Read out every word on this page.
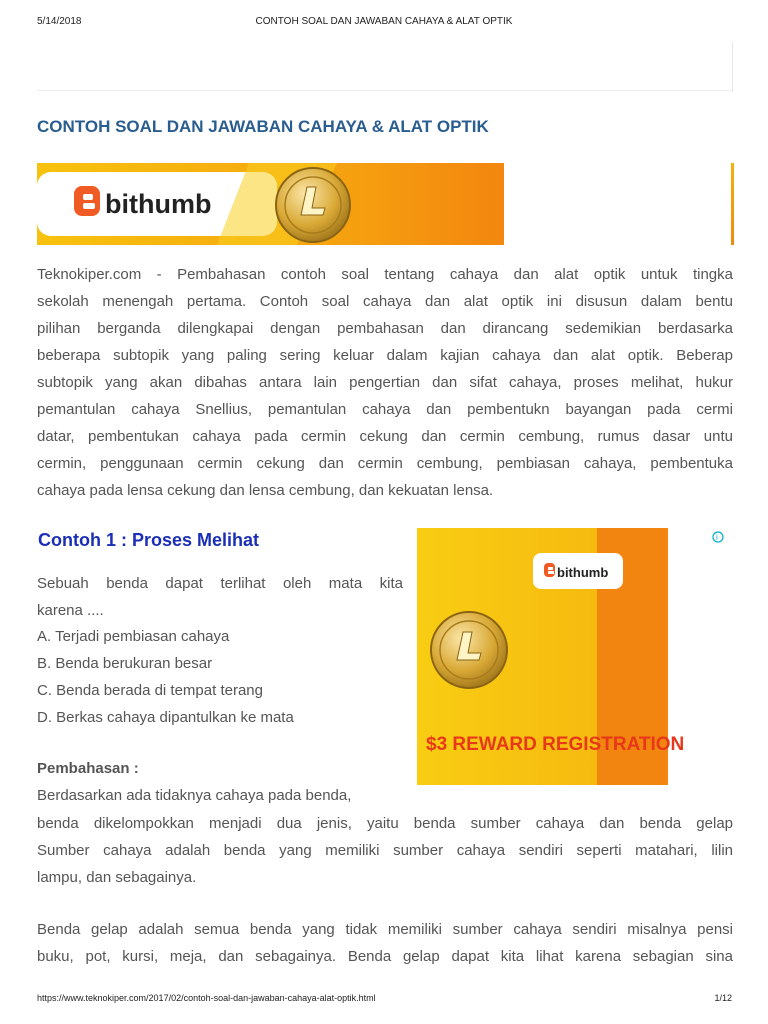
5/14/2018	CONTOH SOAL DAN JAWABAN CAHAYA & ALAT OPTIK
CONTOH SOAL DAN JAWABAN CAHAYA & ALAT OPTIK
bithumb
Teknokiper.com - Pembahasan contoh soal tentang cahaya dan alat optik untuk tingka
sekolah menengah pertama. Contoh soal cahaya dan alat optik ini disusun dalam bentu
pilihan berganda dilengkapai dengan pembahasan dan dirancang sedemikian berdasarka
beberapa subtopik yang paling sering keluar dalam kajian cahaya dan alat optik. Beberap
subtopik yang akan dibahas antara lain pengertian dan sifat cahaya, proses melihat, hukur
pemantulan cahaya Snellius, pemantulan cahaya dan pembentukn bayangan pada cermi
datar, pembentukan cahaya pada cermin cekung dan cermin cembung, rumus dasar untu
cermin, penggunaan cermin cekung dan cermin cembung, pembiasan cahaya, pembentuka
cahaya pada lensa cekung dan lensa cembung, dan kekuatan lensa.
Contoh 1 : Proses Melihat
Sebuah benda dapat terlihat oleh mata kita
karena ....
A. Terjadi pembiasan cahaya
B. Benda berukuran besar
C. Benda berada di tempat terang
D. Berkas cahaya dipantulkan ke mata
Pembahasan :
Berdasarkan ada tidaknya cahaya pada benda,
benda dikelompokkan menjadi dua jenis, yaitu benda sumber cahaya dan benda gelap
Sumber cahaya adalah benda yang memiliki sumber cahaya sendiri seperti matahari, lilin
lampu, dan sebagainya.
Benda gelap adalah semua benda yang tidak memiliki sumber cahaya sendiri misalnya pensi
buku, pot, kursi, meja, dan sebagainya. Benda gelap dapat kita lihat karena sebagian sina
bithumb
$3 REWARD REGISTRATION
i
https://www.teknokiper.com/2017/02/contoh-soal-dan-jawaban-cahaya-alat-optik.html	1/12
